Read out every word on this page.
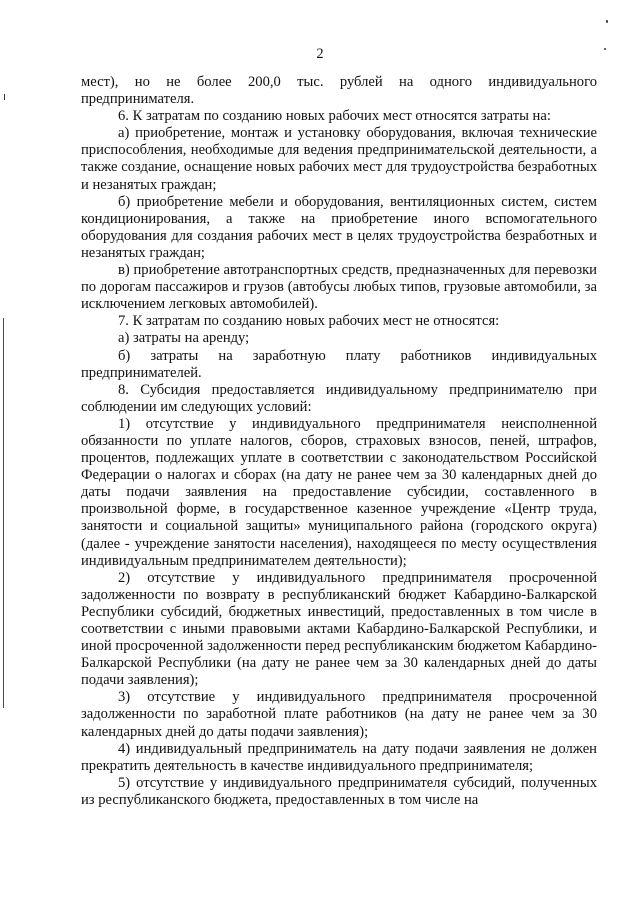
2

мест), но не более 200,0 тыс. рублей на одного индивидуального предпринимателя.

6. К затратам по созданию новых рабочих мест относятся затраты на:

а) приобретение, монтаж и установку оборудования, включая технические приспособления, необходимые для ведения предпринимательской деятельности, а также создание, оснащение новых рабочих мест для трудоустройства безработных и незанятых граждан;

б) приобретение мебели и оборудования, вентиляционных систем, систем кондиционирования, а также на приобретение иного вспомогательного оборудования для создания рабочих мест в целях трудоустройства безработных и незанятых граждан;

в) приобретение автотранспортных средств, предназначенных для перевозки по дорогам пассажиров и грузов (автобусы любых типов, грузовые автомобили, за исключением легковых автомобилей).

7. К затратам по созданию новых рабочих мест не относятся:

а) затраты на аренду;

б) затраты на заработную плату работников индивидуальных предпринимателей.

8. Субсидия предоставляется индивидуальному предпринимателю при соблюдении им следующих условий:

1) отсутствие у индивидуального предпринимателя неисполненной обязанности по уплате налогов, сборов, страховых взносов, пеней, штрафов, процентов, подлежащих уплате в соответствии с законодательством Российской Федерации о налогах и сборах (на дату не ранее чем за 30 календарных дней до даты подачи заявления на предоставление субсидии, составленного в произвольной форме, в государственное казенное учреждение «Центр труда, занятости и социальной защиты» муниципального района (городского округа) (далее - учреждение занятости населения), находящееся по месту осуществления индивидуальным предпринимателем деятельности);

2) отсутствие у индивидуального предпринимателя просроченной задолженности по возврату в республиканский бюджет Кабардино-Балкарской Республики субсидий, бюджетных инвестиций, предоставленных в том числе в соответствии с иными правовыми актами Кабардино-Балкарской Республики, и иной просроченной задолженности перед республиканским бюджетом Кабардино-Балкарской Республики (на дату не ранее чем за 30 календарных дней до даты подачи заявления);

3) отсутствие у индивидуального предпринимателя просроченной задолженности по заработной плате работников (на дату не ранее чем за 30 календарных дней до даты подачи заявления);

4) индивидуальный предприниматель на дату подачи заявления не должен прекратить деятельность в качестве индивидуального предпринимателя;

5) отсутствие у индивидуального предпринимателя субсидий, полученных из республиканского бюджета, предоставленных в том числе на
